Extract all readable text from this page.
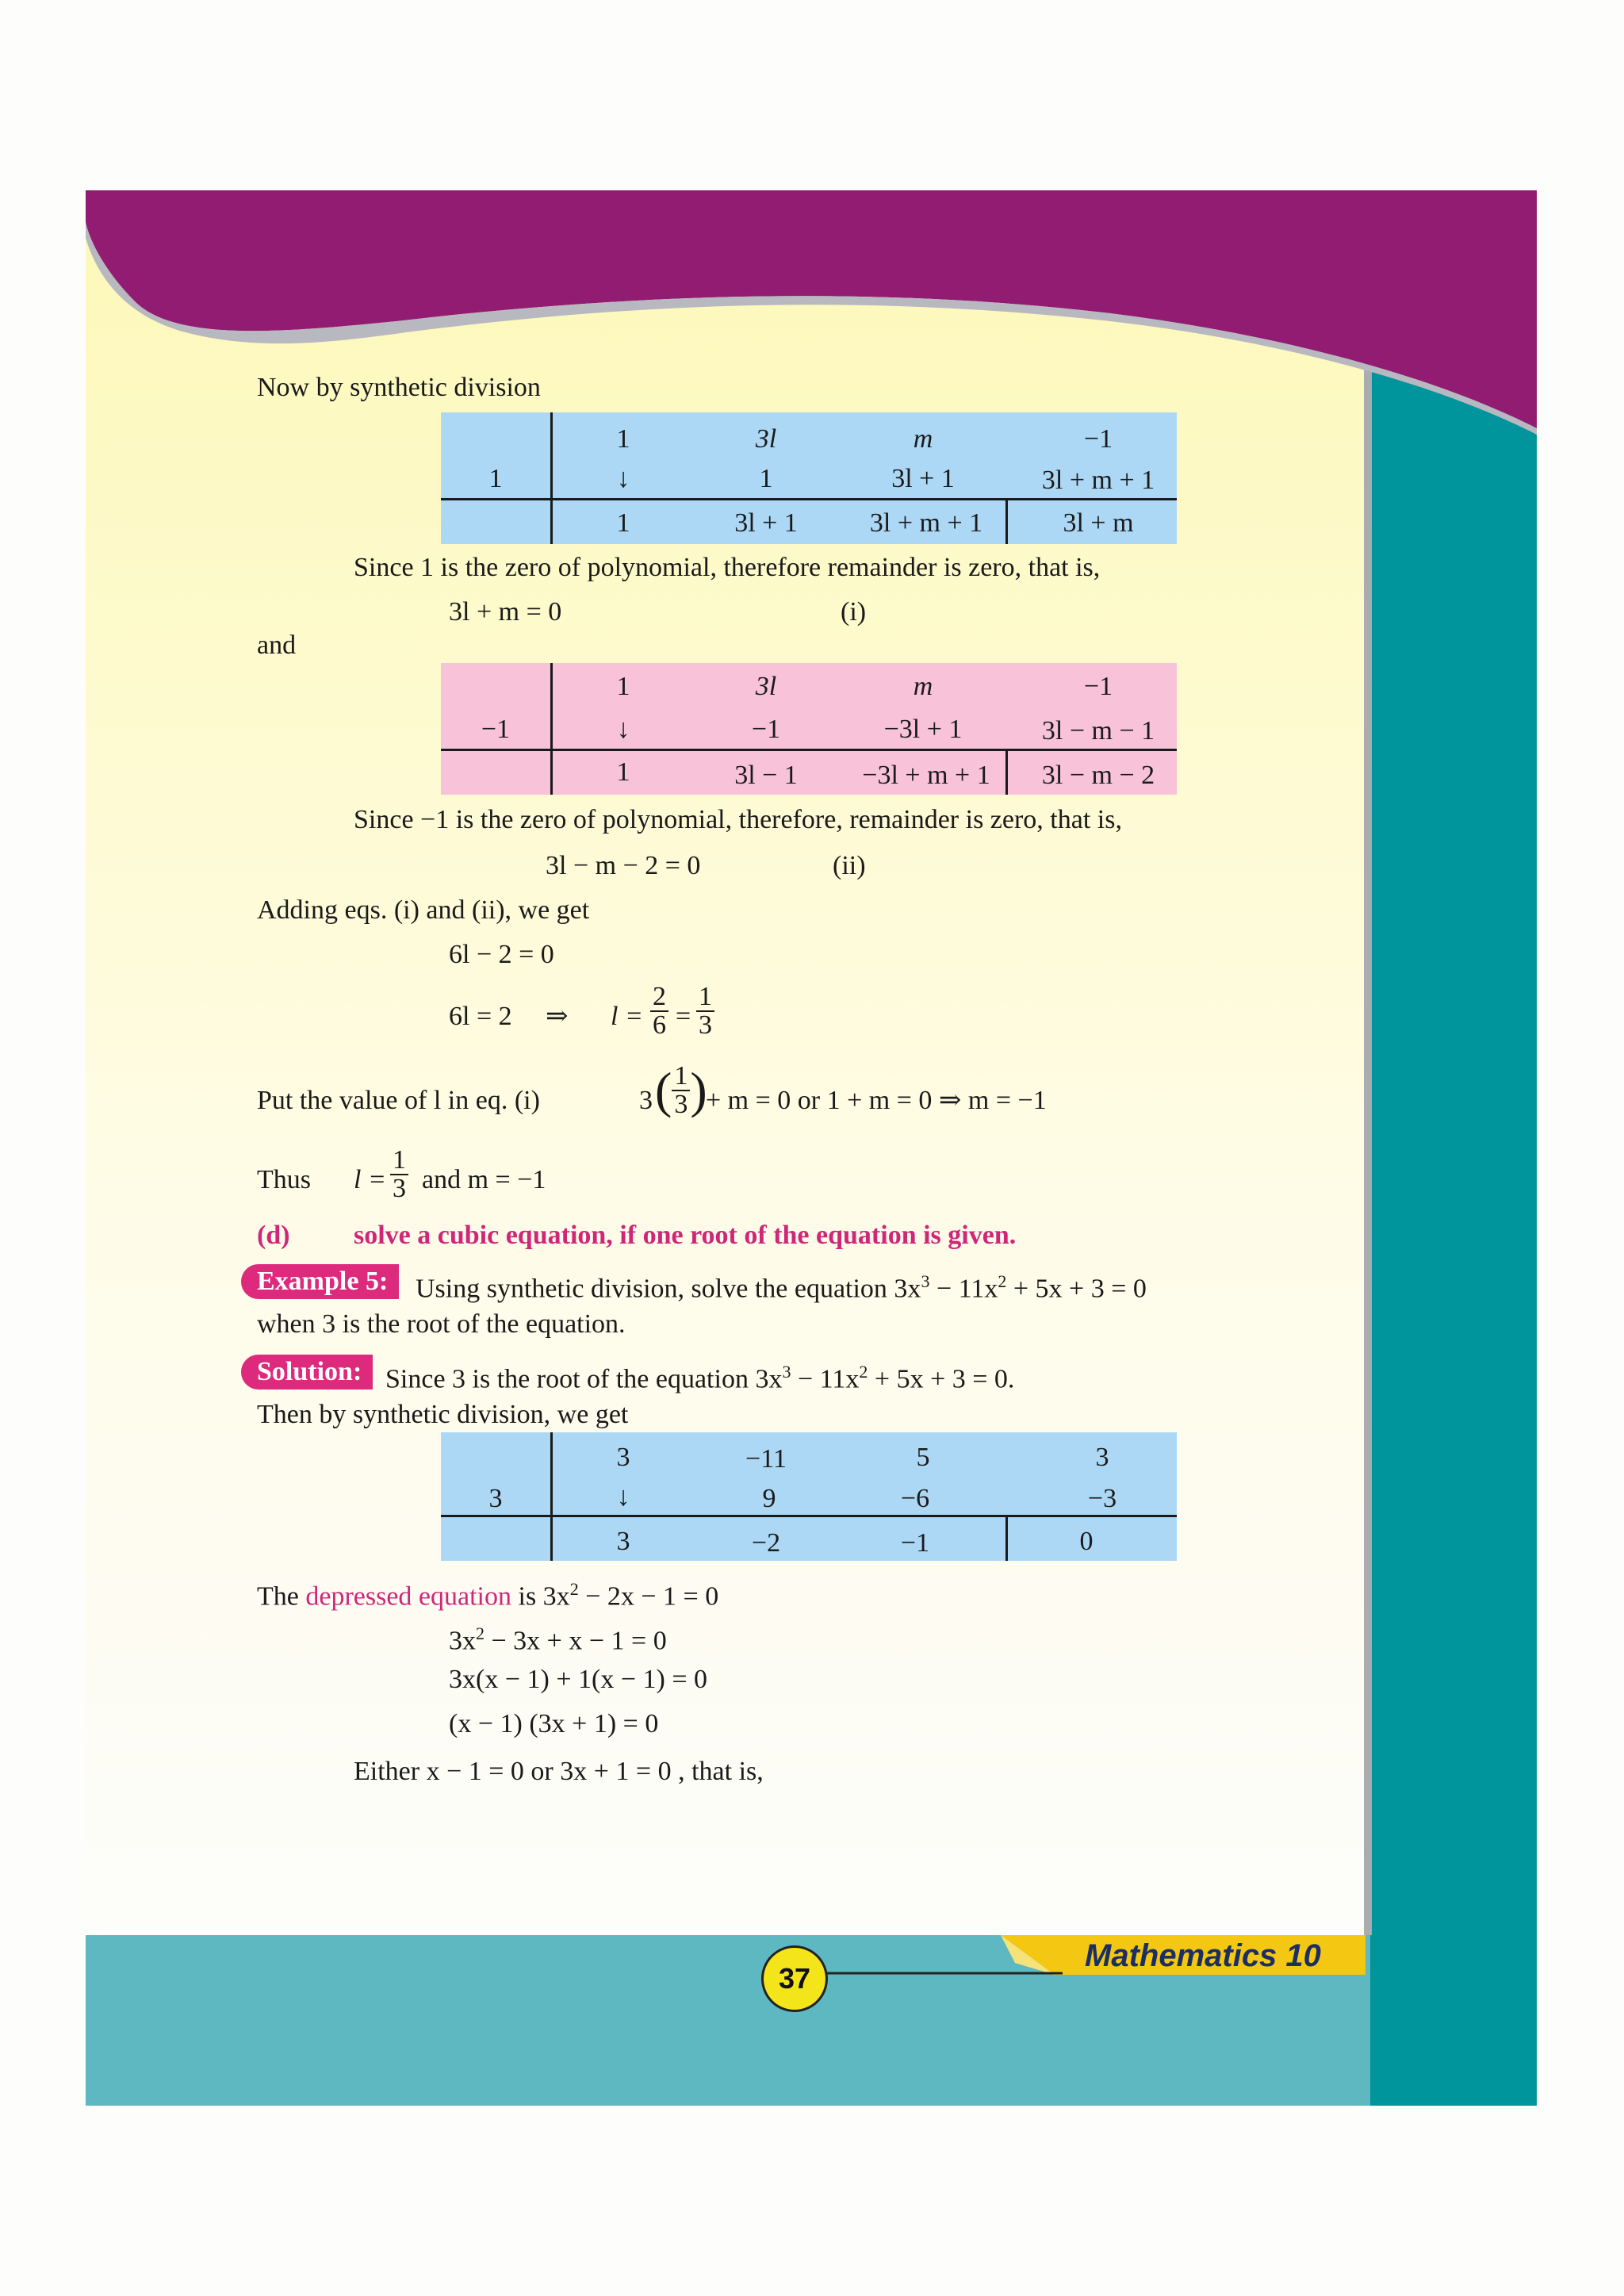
37
Mathematics 10
Now by synthetic division
1
1	3l	m	−1
↓	1	3l + 1	3l + m + 1
1	3l + 1	3l + m + 1	3l + m
Since 1 is the zero of polynomial, therefore remainder is zero, that is,
3l + m = 0	(i)
and
−1
1	3l	m	−1
↓	−1	−3l + 1	3l − m − 1
1	3l − 1	−3l + m + 1	3l − m − 2
Since −1 is the zero of polynomial, therefore, remainder is zero, that is,
3l − m − 2 = 0	(ii)
Adding eqs. (i) and (ii), we get
6l − 2 = 0
6l = 2 ⇒ $l = \frac{2}{6} = \frac{1}{3}$
Put the value of l in eq. (i)	3 ( $\frac{1}{3}$ )
+ m = 0 or 1 + m = 0 ⇒ m = −1
Thus $l = \frac{1}{3}$ and m = −1
(d) solve a cubic equation, if one root of the equation is given.
Example 5:	Using synthetic division, solve the equation $3x^3 - 11x^2 + 5x + 3 = 0$
when 3 is the root of the equation.
Solution: Since 3 is the root of the equation $3x^3 - 11x^2 + 5x + 3 = 0$.
Then by synthetic division, we get
3
3	−11	5	3
↓	9	−6	−3
3	−2	−1	0
The depressed equation is $3x^2 - 2x - 1 = 0$
$3x^2 - 3x + x - 1 = 0$
3x(x − 1) + 1(x − 1) = 0
(x − 1) (3x + 1) = 0
Either x − 1 = 0 or 3x + 1 = 0 , that is,
